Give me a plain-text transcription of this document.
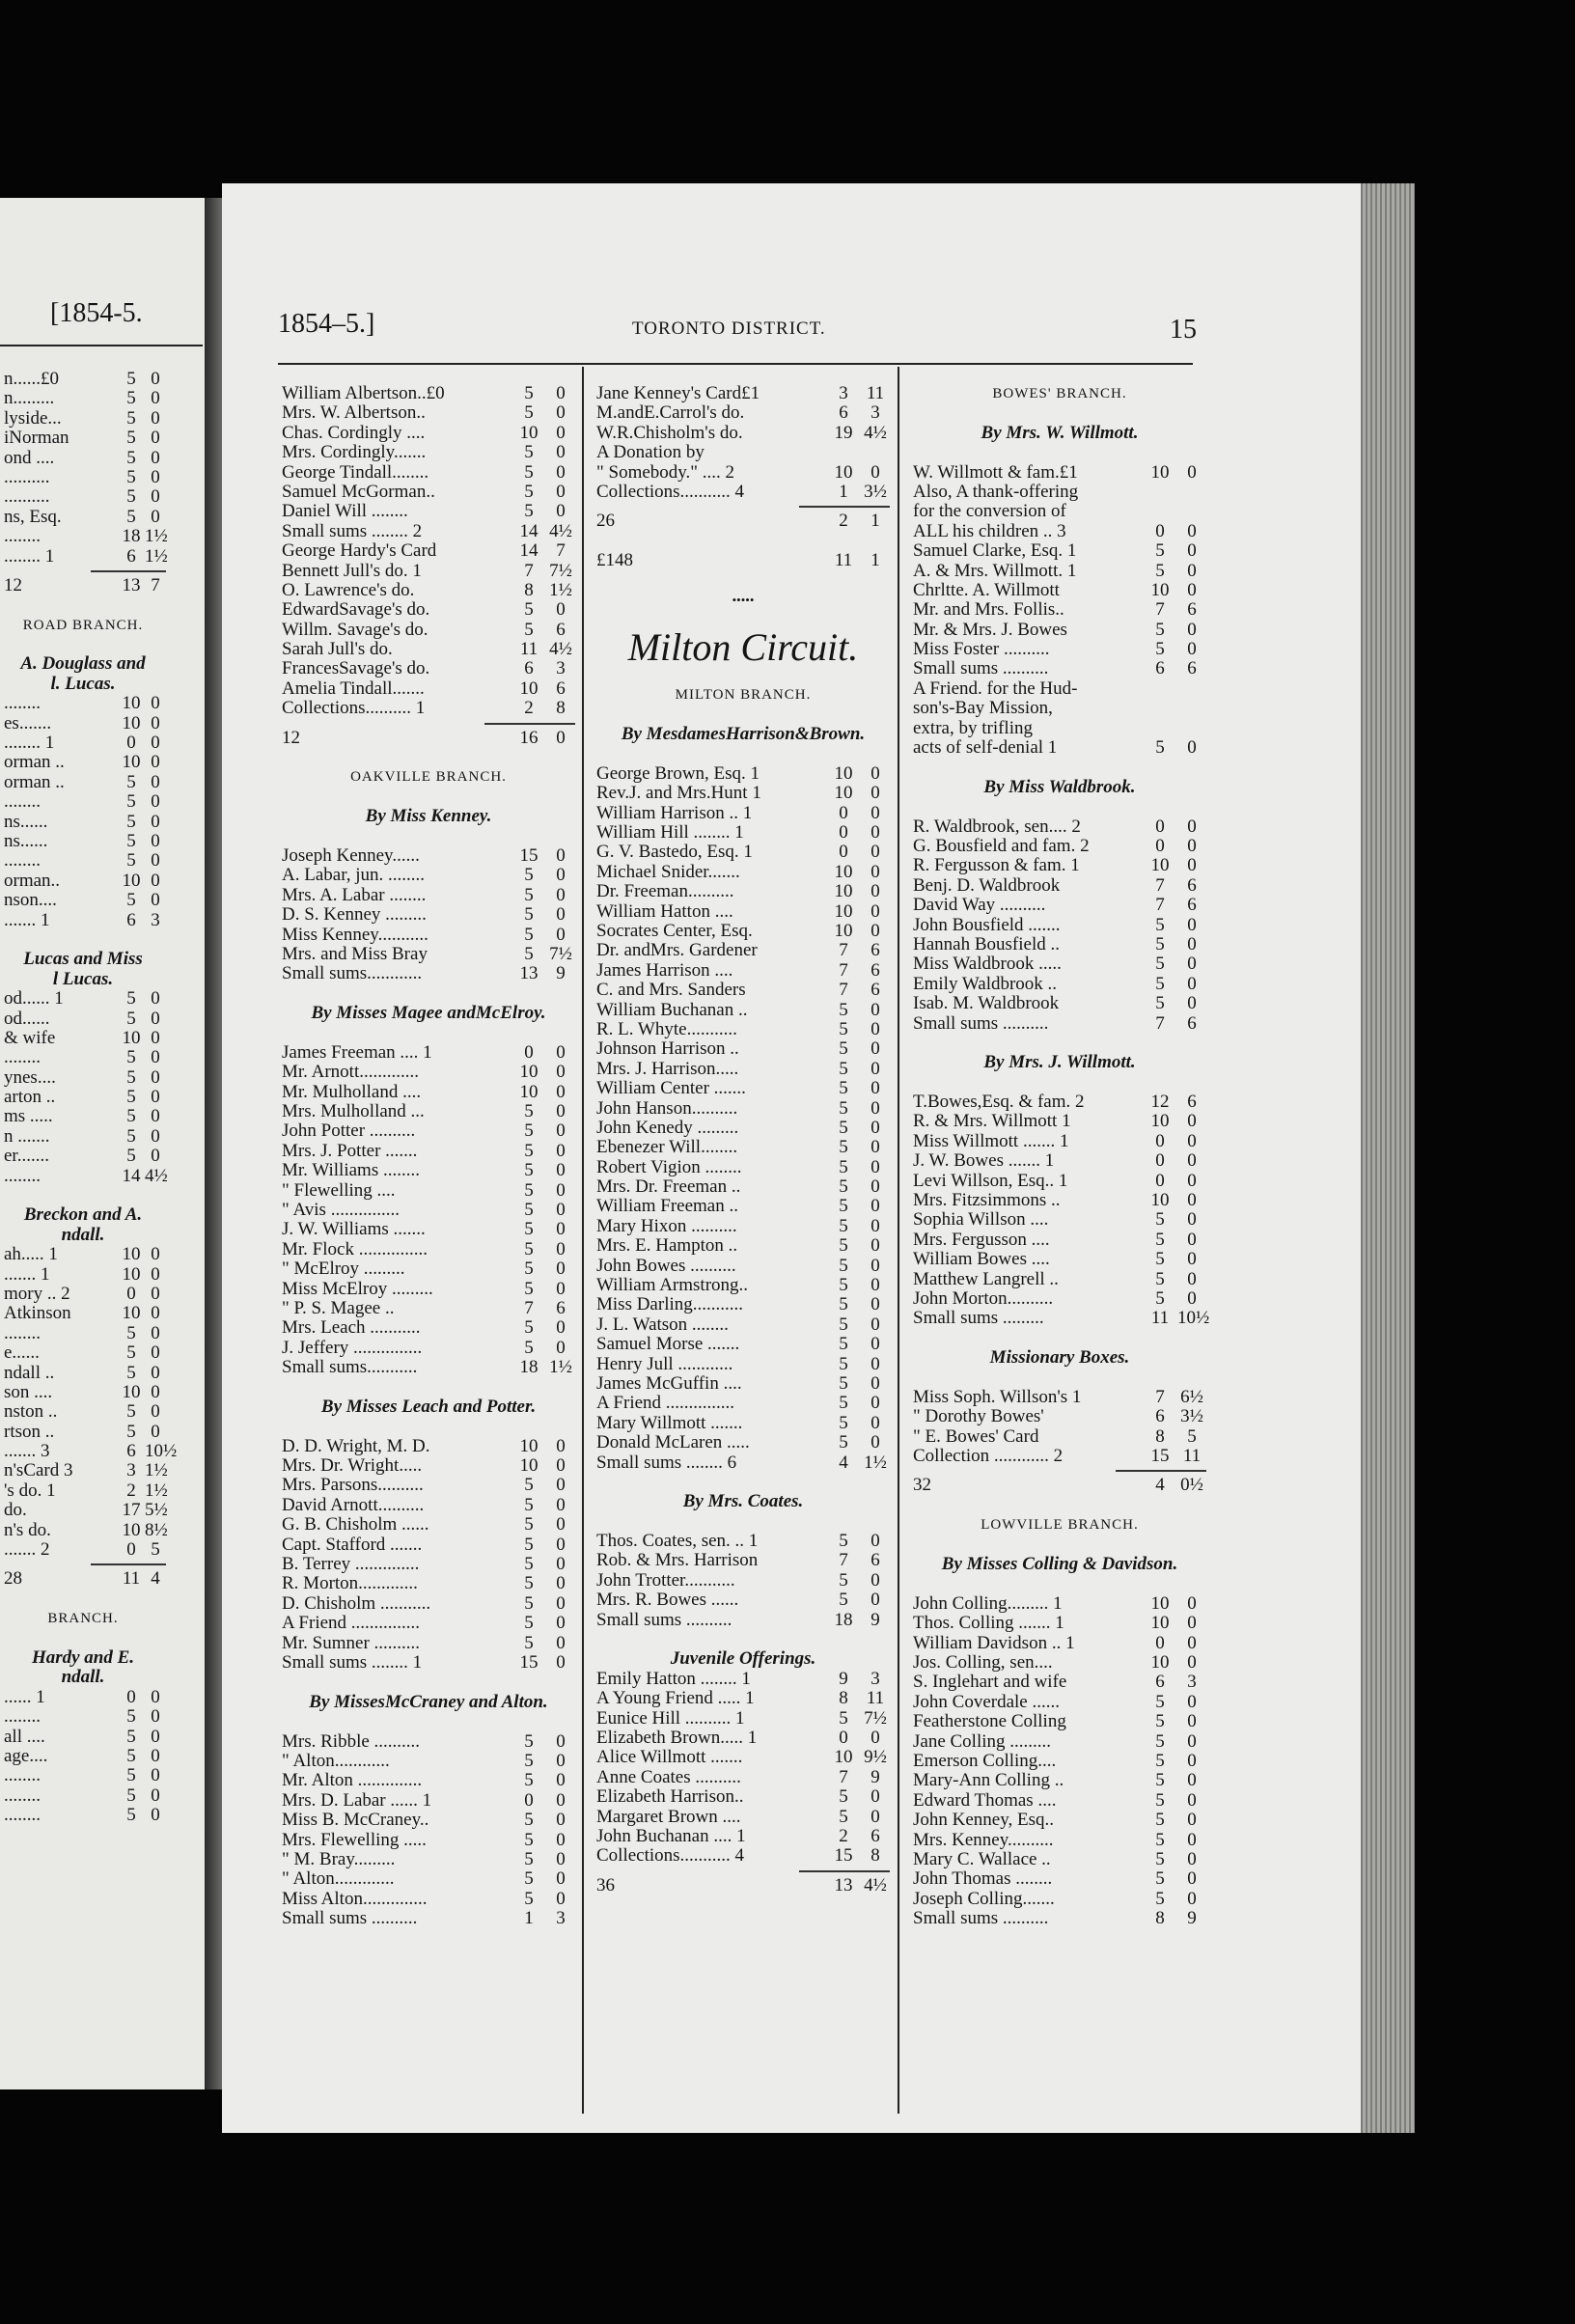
[1854-5.
n......£0	5 0
n.........	5 0
lyside...	5 0
iNorman	5 0
ond ....	5 0
..........	5 0
..........	5 0
ns, Esq.	5 0
........	18 1½
........ 1	6 1½
12	13 7
ROAD BRANCH.
A. Douglass and
l. Lucas.
........	10 0
es.......	10 0
........ 1	0 0
orman ..	10 0
orman ..	5 0
........	5 0
ns......	5 0
ns......	5 0
........	5 0
orman..	10 0
nson....	5 0
....... 1	6 3
Lucas and Miss
l Lucas.
od...... 1	5 0
od......	5 0
& wife	10 0
........	5 0
ynes....	5 0
arton ..	5 0
ms .....	5 0
n .......	5 0
er.......	5 0
........	14 4½
Breckon and A.
ndall.
ah..... 1	10 0
....... 1	10 0
mory .. 2	0 0
Atkinson	10 0
........	5 0
e......	5 0
ndall ..	5 0
son ....	10 0
nston ..	5 0
rtson ..	5 0
....... 3	6 10½
n'sCard 3	3 1½
's do. 1	2 1½
do.	17 5½
n's do.	10 8½
....... 2	0 5
28	11 4
BRANCH.
Hardy and E.
ndall.
...... 1	0 0
........	5 0
all ....	5 0
age....	5 0
........	5 0
........	5 0
........	5 0
1854–5.]	TORONTO DISTRICT.	15
William Albertson..£0	5	0
Mrs. W. Albertson..	5	0
Chas. Cordingly ....	10 0
Mrs. Cordingly.......	5	0
George Tindall........	5	0
Samuel McGorman..	5	0
Daniel Will ........	5	0
Small sums ........ 2	14 4½
George Hardy's Card	14 7
Bennett Jull's do. 1	7 7½
O. Lawrence's do.	8 1½
EdwardSavage's do.	5	0
Willm. Savage's do.	5	6
Sarah Jull's do.	11 4½
FrancesSavage's do.	6	3
Amelia Tindall.......	10 6
Collections.......... 1	2	8
12	16 0
OAKVILLE BRANCH.
By Miss Kenney.
Joseph Kenney......	15 0
A. Labar, jun. ........	5	0
Mrs. A. Labar ........	5	0
D. S. Kenney .........	5	0
Miss Kenney...........	5	0
Mrs. and Miss Bray	5 7½
Small sums............	13 9
By Misses Magee andMcElroy.
James Freeman .... 1	0	0
Mr. Arnott.............	10 0
Mr. Mulholland ....	10 0
Mrs. Mulholland ...	5	0
John Potter ..........	5	0
Mrs. J. Potter .......	5	0
Mr. Williams ........	5	0
" Flewelling ....	5	0
" Avis ...............	5	0
J. W. Williams .......	5	0
Mr. Flock ...............	5	0
" McElroy .........	5	0
Miss McElroy .........	5	0
" P. S. Magee ..	7	6
Mrs. Leach ...........	5	0
J. Jeffery ...............	5	0
Small sums...........	18 1½
By Misses Leach and Potter.
D. D. Wright, M. D.	10 0
Mrs. Dr. Wright.....	10 0
Mrs. Parsons..........	5	0
David Arnott..........	5	0
G. B. Chisholm ......	5	0
Capt. Stafford .......	5	0
B. Terrey ..............	5	0
R. Morton.............	5	0
D. Chisholm ...........	5	0
A Friend ...............	5	0
Mr. Sumner ..........	5	0
Small sums ........ 1	15 0
By MissesMcCraney and Alton.
Mrs. Ribble ..........	5	0
" Alton............	5	0
Mr. Alton ..............	5	0
Mrs. D. Labar ...... 1	0	0
Miss B. McCraney..	5	0
Mrs. Flewelling .....	5	0
" M. Bray.........	5	0
" Alton.............	5	0
Miss Alton..............	5	0
Small sums ..........	1	3
Jane Kenney's Card£1	3	11
M.andE.Carrol's do.	6	3
W.R.Chisholm's do.	19 4½
A Donation by
" Somebody." .... 2	10 0
Collections........... 4	1 3½
26	2	1
£148	11	1
•••••
Milton Circuit.
MILTON BRANCH.
By MesdamesHarrison&Brown.
George Brown, Esq. 1	10 0
Rev.J. and Mrs.Hunt 1	10 0
William Harrison .. 1	0	0
William Hill ........ 1	0	0
G. V. Bastedo, Esq. 1	0	0
Michael Snider.......	10 0
Dr. Freeman..........	10 0
William Hatton ....	10 0
Socrates Center, Esq.	10 0
Dr. andMrs. Gardener	7	6
James Harrison ....	7	6
C. and Mrs. Sanders	7	6
William Buchanan ..	5	0
R. L. Whyte...........	5	0
Johnson Harrison ..	5	0
Mrs. J. Harrison.....	5	0
William Center .......	5	0
John Hanson..........	5	0
John Kenedy .........	5	0
Ebenezer Will........	5	0
Robert Vigion ........	5	0
Mrs. Dr. Freeman ..	5	0
William Freeman ..	5	0
Mary Hixon ..........	5	0
Mrs. E. Hampton ..	5	0
John Bowes ..........	5	0
William Armstrong..	5	0
Miss Darling...........	5	0
J. L. Watson ........	5	0
Samuel Morse .......	5	0
Henry Jull ............	5	0
James McGuffin ....	5	0
A Friend ...............	5	0
Mary Willmott .......	5	0
Donald McLaren .....	5	0
Small sums ........ 6	4 1½
By Mrs. Coates.
Thos. Coates, sen. .. 1	5	0
Rob. & Mrs. Harrison	7	6
John Trotter...........	5	0
Mrs. R. Bowes ......	5	0
Small sums ..........	18 9
Juvenile Offerings.
Emily Hatton ........ 1	9	3
A Young Friend ..... 1	8	11
Eunice Hill .......... 1	5 7½
Elizabeth Brown..... 1	0	0
Alice Willmott .......	10 9½
Anne Coates ..........	7	9
Elizabeth Harrison..	5	0
Margaret Brown ....	5	0
John Buchanan .... 1	2	6
Collections........... 4	15 8
36	13 4½
BOWES' BRANCH.
By Mrs. W. Willmott.
W. Willmott & fam.£1	10 0
Also, A thank-offering
for the conversion of
ALL his children .. 3	0	0
Samuel Clarke, Esq. 1	5	0
A. & Mrs. Willmott. 1	5	0
Chrltte. A. Willmott	10 0
Mr. and Mrs. Follis..	7	6
Mr. & Mrs. J. Bowes	5	0
Miss Foster ..........	5	0
Small sums ..........	6	6
A Friend. for the Hud-
son's-Bay Mission,
extra, by trifling
acts of self-denial 1	5	0
By Miss Waldbrook.
R. Waldbrook, sen.... 2	0	0
G. Bousfield and fam. 2	0	0
R. Fergusson & fam. 1	10 0
Benj. D. Waldbrook	7	6
David Way ..........	7	6
John Bousfield .......	5	0
Hannah Bousfield ..	5	0
Miss Waldbrook .....	5	0
Emily Waldbrook ..	5	0
Isab. M. Waldbrook	5	0
Small sums ..........	7	6
By Mrs. J. Willmott.
T.Bowes,Esq. & fam. 2	12 6
R. & Mrs. Willmott 1	10 0
Miss Willmott ....... 1	0	0
J. W. Bowes ....... 1	0	0
Levi Willson, Esq.. 1	0	0
Mrs. Fitzsimmons ..	10 0
Sophia Willson ....	5	0
Mrs. Fergusson ....	5	0
William Bowes ....	5	0
Matthew Langrell ..	5	0
John Morton..........	5	0
Small sums .........	11 10½
Missionary Boxes.
Miss Soph. Willson's 1	7 6½
" Dorothy Bowes'	6 3½
" E. Bowes' Card	8	5
Collection ............ 2	15 11
32	4 0½
LOWVILLE BRANCH.
By Misses Colling & Davidson.
John Colling......... 1	10 0
Thos. Colling ....... 1	10 0
William Davidson .. 1	0	0
Jos. Colling, sen....	10 0
S. Inglehart and wife	6	3
John Coverdale ......	5	0
Featherstone Colling	5	0
Jane Colling .........	5	0
Emerson Colling....	5	0
Mary-Ann Colling ..	5	0
Edward Thomas ....	5	0
John Kenney, Esq..	5	0
Mrs. Kenney..........	5	0
Mary C. Wallace ..	5	0
John Thomas ........	5	0
Joseph Colling.......	5	0
Small sums ..........	8	9
